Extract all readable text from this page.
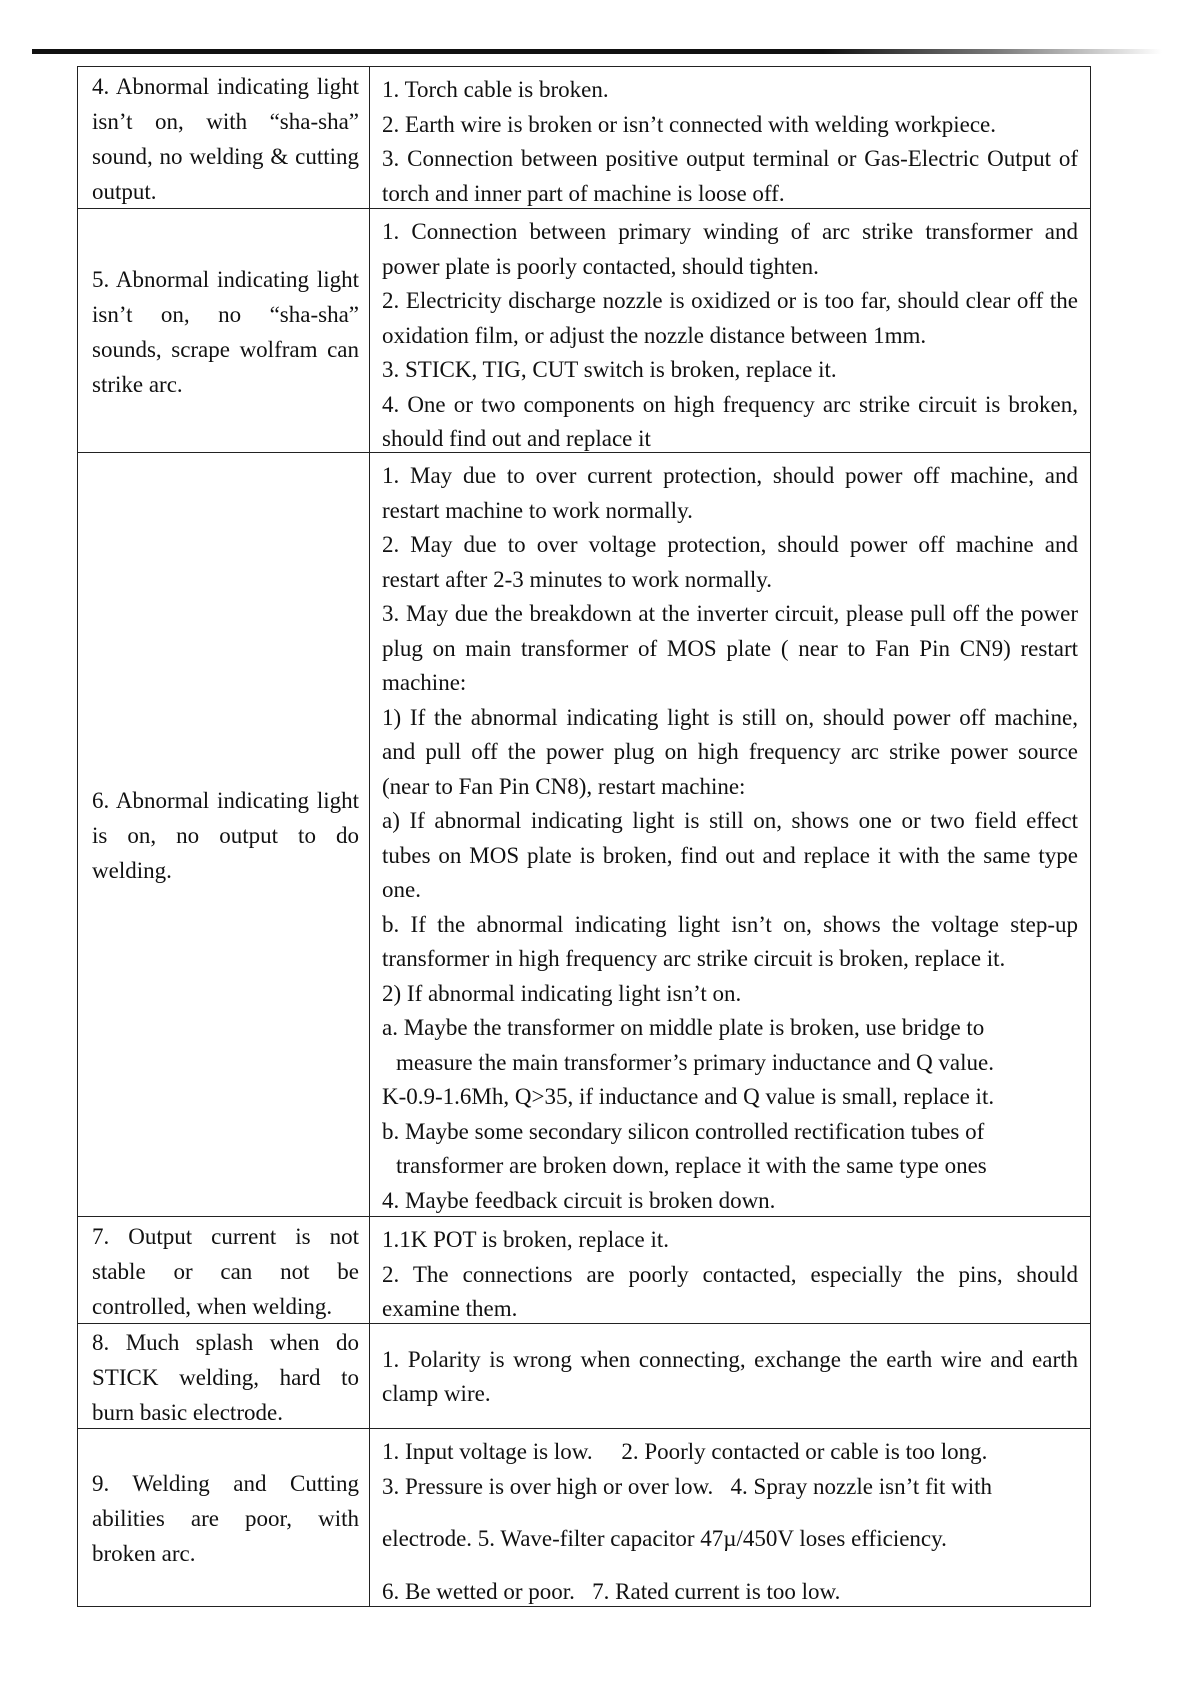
4. Abnormal indicating light isn’t on, with “sha-sha” sound, no welding & cutting output.
1. Torch cable is broken.
2. Earth wire is broken or isn’t connected with welding workpiece.
3. Connection between positive output terminal or Gas-Electric Output of torch and inner part of machine is loose off.
5. Abnormal indicating light isn’t on, no “sha-sha” sounds, scrape wolfram can strike arc.
1. Connection between primary winding of arc strike transformer and power plate is poorly contacted, should tighten.
2. Electricity discharge nozzle is oxidized or is too far, should clear off the oxidation film, or adjust the nozzle distance between 1mm.
3. STICK, TIG, CUT switch is broken, replace it.
4. One or two components on high frequency arc strike circuit is broken, should find out and replace it
6. Abnormal indicating light is on, no output to do welding.
1. May due to over current protection, should power off machine, and restart machine to work normally.
2. May due to over voltage protection, should power off machine and restart after 2-3 minutes to work normally.
3. May due the breakdown at the inverter circuit, please pull off the power plug on main transformer of MOS plate ( near to Fan Pin CN9) restart machine:
1) If the abnormal indicating light is still on, should power off machine, and pull off the power plug on high frequency arc strike power source (near to Fan Pin CN8), restart machine:
a) If abnormal indicating light is still on, shows one or two field effect tubes on MOS plate is broken, find out and replace it with the same type one.
b. If the abnormal indicating light isn’t on, shows the voltage step-up transformer in high frequency arc strike circuit is broken, replace it.
2) If abnormal indicating light isn’t on.
a. Maybe the transformer on middle plate is broken, use bridge to
measure the main transformer’s primary inductance and Q value.
K-0.9-1.6Mh, Q>35, if inductance and Q value is small, replace it.
b. Maybe some secondary silicon controlled rectification tubes of
transformer are broken down, replace it with the same type ones
4. Maybe feedback circuit is broken down.
7. Output current is not stable or can not be controlled, when welding.
1.1K POT is broken, replace it.
2. The connections are poorly contacted, especially the pins, should examine them.
8. Much splash when do STICK welding, hard to burn basic electrode.
1. Polarity is wrong when connecting, exchange the earth wire and earth clamp wire.
9. Welding and Cutting abilities are poor, with broken arc.
1. Input voltage is low.     2. Poorly contacted or cable is too long.
3. Pressure is over high or over low.   4. Spray nozzle isn’t fit with
electrode. 5. Wave-filter capacitor 47µ/450V loses efficiency.
6. Be wetted or poor.   7. Rated current is too low.
